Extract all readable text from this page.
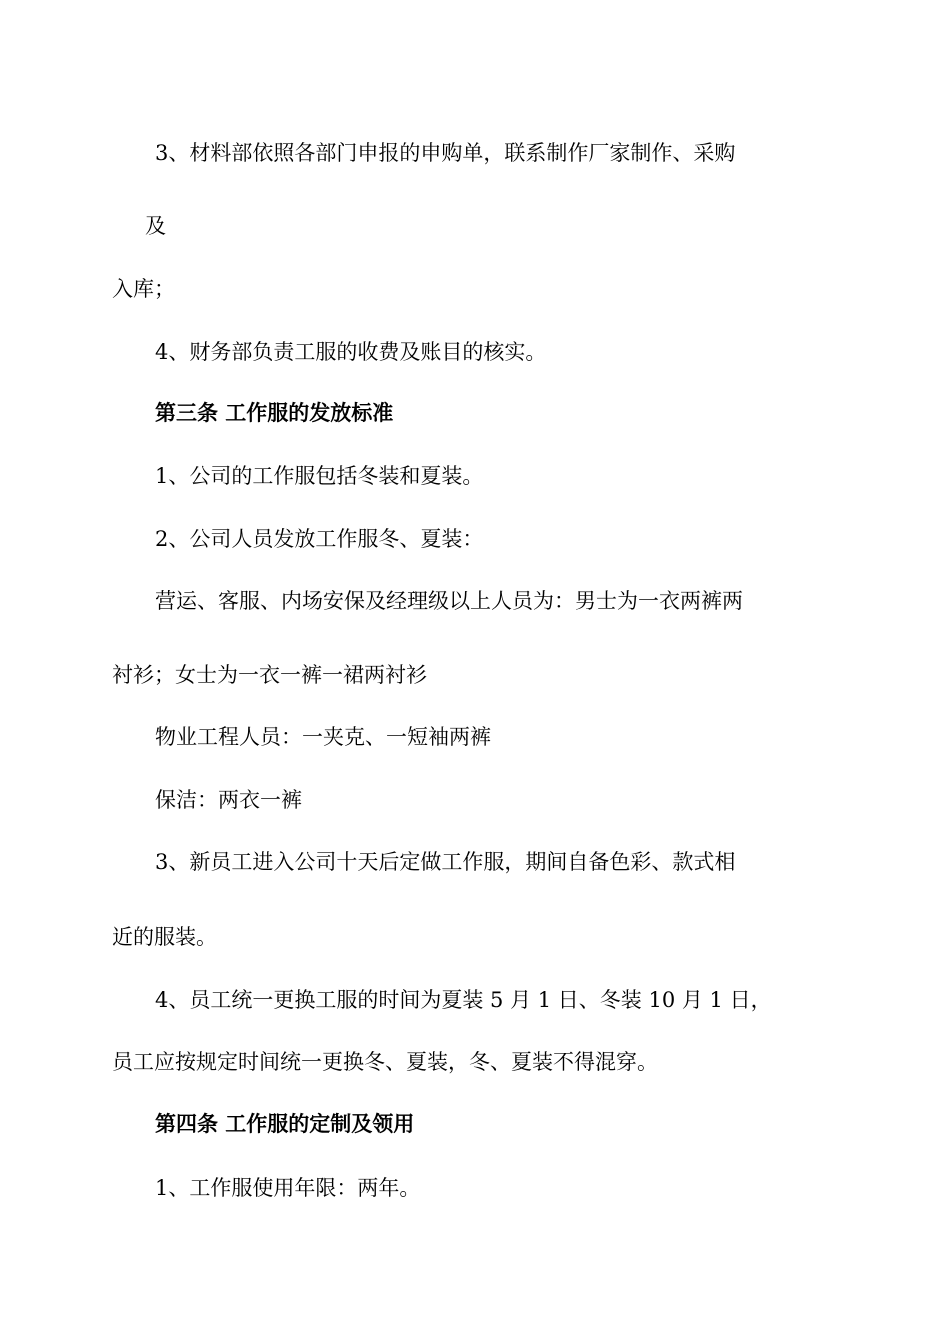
3、材料部依照各部门申报的申购单，联系制作厂家制作、采购
及
入库；
4、财务部负责工服的收费及账目的核实。
第三条 工作服的发放标准
1、公司的工作服包括冬装和夏装。
2、公司人员发放工作服冬、夏装：
营运、客服、内场安保及经理级以上人员为：男士为一衣两裤两
衬衫；女士为一衣一裤一裙两衬衫
物业工程人员：一夹克、一短袖两裤
保洁：两衣一裤
3、新员工进入公司十天后定做工作服，期间自备色彩、款式相
近的服装。
4、员工统一更换工服的时间为夏装 5 月 1 日、冬装 10 月 1 日，
员工应按规定时间统一更换冬、夏装，冬、夏装不得混穿。
第四条 工作服的定制及领用
1、工作服使用年限：两年。
